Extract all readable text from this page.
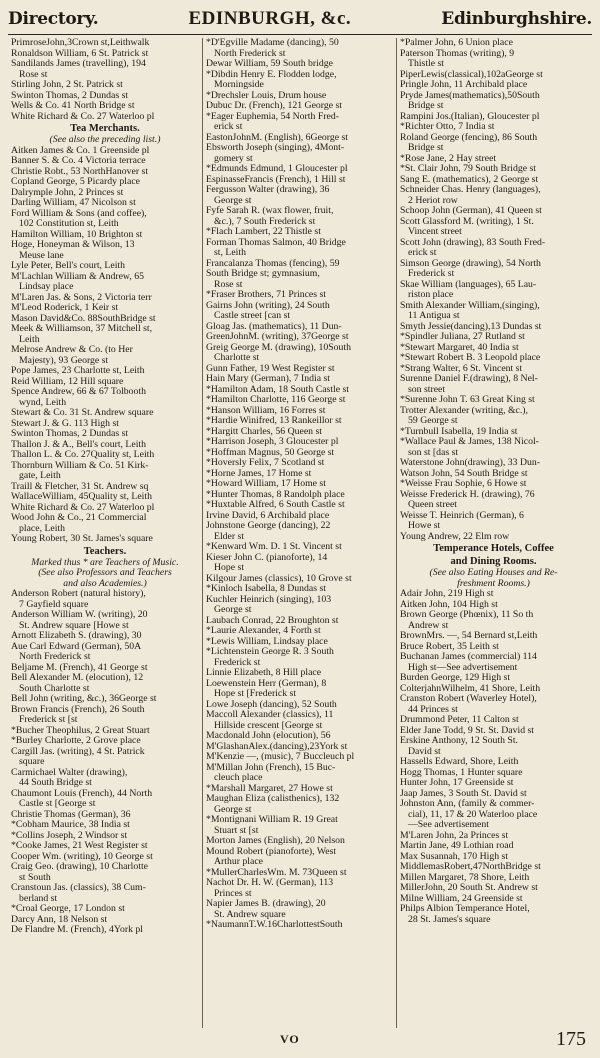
Directory.	EDINBURGH, &c.	Edinburghshire.
PrimroseJohn,3Crown st,Leithwalk
Ronaldson William, 6 St. Patrick st
Sandilands James (travelling), 194
Rose st
Stirling John, 2 St. Patrick st
Swinton Thomas, 2 Dundas st
Wells & Co. 41 North Bridge st
White Richard & Co. 27 Waterloo pl
Tea Merchants.
(See also the preceding list.)
Aitken James & Co. 1 Greenside pl
Banner S. & Co. 4 Victoria terrace
Christie Robt., 53 NorthHanover st
Copland George, 5 Picardy place
Dalrymple John, 2 Princes st
Darling William, 47 Nicolson st
Ford William & Sons (and coffee),
102 Constitution st, Leith
Hamilton William, 10 Brighton st
Hoge, Honeyman & Wilson, 13
Meuse lane
Lyle Peter, Bell's court, Leith
M'Lachlan William & Andrew, 65
Lindsay place
M'Laren Jas. & Sons, 2 Victoria terr
M'Leod Roderick, 1 Keir st
Mason David&Co. 88SouthBridge st
Meek & Williamson, 37 Mitchell st,
Leith
Melrose Andrew & Co. (to Her
Majesty), 93 George st
Pope James, 23 Charlotte st, Leith
Reid William, 12 Hill square
Spence Andrew, 66 & 67 Tolbooth
wynd, Leith
Stewart & Co. 31 St. Andrew square
Stewart J. & G. 113 High st
Swinton Thomas, 2 Dundas st
Thallon J. & A., Bell's court, Leith
Thallon L. & Co. 27Quality st, Leith
Thornburn William & Co. 51 Kirk-
gate, Leith
Traill & Fletcher, 31 St. Andrew sq
WallaceWilliam, 45Quality st, Leith
White Richard & Co. 27 Waterloo pl
Wood John & Co., 21 Commercial
place, Leith
Young Robert, 30 St. James's square
Teachers.
Marked thus * are Teachers of Music.
(See also Professors and Teachers
and also Academies.)
Anderson Robert (natural history),
7 Gayfield square
Anderson William W. (writing), 20
St. Andrew square [Howe st
Arnott Elizabeth S. (drawing), 30
Aue Carl Edward (German), 50A
North Frederick st
Beljame M. (French), 41 George st
Bell Alexander M. (elocution), 12
South Charlotte st
Bell John (writing, &c.), 36George st
Brown Francis (French), 26 South
Frederick st [st
*Bucher Theophilus, 2 Great Stuart
*Burley Charlotte, 2 Grove place
Cargill Jas. (writing), 4 St. Patrick
square
Carmichael Walter (drawing),
44 South Bridge st
Chaumont Louis (French), 44 North
Castle st [George st
Christie Thomas (German), 36
*Cobham Maurice, 38 India st
*Collins Joseph, 2 Windsor st
*Cooke James, 21 West Register st
Cooper Wm. (writing), 10 George st
Craig Geo. (drawing), 10 Charlotte
st South
Cranstoun Jas. (classics), 38 Cum-
berland st
*Croal George, 17 London st
Darcy Ann, 18 Nelson st
De Flandre M. (French), 4York pl
*D'Egville Madame (dancing), 50
North Frederick st
Dewar William, 59 South bridge
*Dibdin Henry E. Flodden lodge,
Morningside
*Drechsler Louis, Drum house
Dubuc Dr. (French), 121 George st
*Eager Euphemia, 54 North Fred-
erick st
EastonJohnM. (English), 6George st
Ebsworth Joseph (singing), 4Mont-
gomery st
*Edmunds Edmund, 1 Gloucester pl
EspinasseFrancis (French), 1 Hill st
Fergusson Walter (drawing), 36
George st
Fyfe Sarah R. (wax flower, fruit,
&c.), 7 South Frederick st
*Flach Lambert, 22 Thistle st
Forman Thomas Salmon, 40 Bridge
st, Leith
Francalanza Thomas (fencing), 59
South Bridge st; gymnasium,
Rose st
*Fraser Brothers, 71 Princes st
Gairns John (writing), 24 South
Castle street [can st
Gloag Jas. (mathematics), 11 Dun-
GreenJohnM. (writing), 37George st
Greig George M. (drawing), 10South
Charlotte st
Gunn Father, 19 West Register st
Hain Mary (German), 7 India st
*Hamilton Adam, 18 South Castle st
*Hamilton Charlotte, 116 George st
*Hanson William, 16 Forres st
*Hardie Winifred, 13 Rankeillor st
*Hargitt Charles, 56 Queen st
*Harrison Joseph, 3 Gloucester pl
*Hoffman Magnus, 50 George st
*Hoversly Felix, 7 Scotland st
*Horne James, 17 Home st
*Howard William, 17 Home st
*Hunter Thomas, 8 Randolph place
*Huxtable Alfred, 6 South Castle st
Irvine David, 6 Archibald place
Johnstone George (dancing), 22
Elder st
*Kenward Wm. D. 1 St. Vincent st
Kieser John C. (pianoforte), 14
Hope st
Kilgour James (classics), 10 Grove st
*Kinloch Isabella, 8 Dundas st
Kuchler Heinrich (singing), 103
George st
Laubach Conrad, 22 Broughton st
*Laurie Alexander, 4 Forth st
*Lewis William, Lindsay place
*Lichtenstein George R. 3 South
Frederick st
Linnie Elizabeth, 8 Hill place
Loewenstein Herr (German), 8
Hope st [Frederick st
Lowe Joseph (dancing), 52 South
Maccoll Alexander (classics), 11
Hillside crescent [George st
Macdonald John (elocution), 56
M'GlashanAlex.(dancing),23York st
M'Kenzie —, (music), 7 Buccleuch pl
M'Millan John (French), 15 Buc-
cleuch place
*Marshall Margaret, 27 Howe st
Maughan Eliza (calisthenics), 132
George st
*Montignani William R. 19 Great
Stuart st [st
Morton James (English), 20 Nelson
Mound Robert (pianoforte), West
Arthur place
*MullerCharlesWm. M. 73Queen st
Nachot Dr. H. W. (German), 113
Princes st
Napier James B. (drawing), 20
St. Andrew square
*NaumannT.W.16CharlottestSouth
*Palmer John, 6 Union place
Paterson Thomas (writing), 9
Thistle st
PiperLewis(classical),102aGeorge st
Pringle John, 11 Archibald place
Pryde James(mathematics),50South
Bridge st
Rampini Jos.(Italian), Gloucester pl
*Richter Otto, 7 India st
Roland George (fencing), 86 South
Bridge st
*Rose Jane, 2 Hay street
*St. Clair John, 79 South Bridge st
Sang E. (mathematics), 2 George st
Schneider Chas. Henry (languages),
2 Heriot row
Schoop John (German), 41 Queen st
Scott Glassford M. (writing), 1 St.
Vincent street
Scott John (drawing), 83 South Fred-
erick st
Simson George (drawing), 54 North
Frederick st
Skae William (languages), 65 Lau-
riston place
Smith Alexander William,(singing),
11 Antigua st
Smyth Jessie(dancing),13 Dundas st
*Spindler Juliana, 27 Rutland st
*Stewart Margaret, 40 India st
*Stewart Robert B. 3 Leopold place
*Strang Walter, 6 St. Vincent st
Surenne Daniel F.(drawing), 8 Nel-
son street
*Surenne John T. 63 Great King st
Trotter Alexander (writing, &c.),
59 George st
*Turnbull Isabella, 19 India st
*Wallace Paul & James, 138 Nicol-
son st [das st
Waterstone John(drawing), 33 Dun-
Watson John, 54 South Bridge st
*Weisse Frau Sophie, 6 Howe st
Weisse Frederick H. (drawing), 76
Queen street
Weisse T. Heinrich (German), 6
Howe st
Young Andrew, 22 Elm row
Temperance Hotels, Coffee
and Dining Rooms.
(See also Eating Houses and Re-
freshment Rooms.)
Adair John, 219 High st
Aitken John, 104 High st
Brown George (Phœnix), 11 So th
Andrew st
BrownMrs. —, 54 Bernard st,Leith
Bruce Robert, 35 Leith st
Buchanan James (commercial) 114
High st—See advertisement
Burden George, 129 High st
ColterjahnWilhelm, 41 Shore, Leith
Cranston Robert (Waverley Hotel),
44 Princes st
Drummond Peter, 11 Calton st
Elder Jane Todd, 9 St. St. David st
Erskine Anthony, 12 South St.
David st
Hassells Edward, Shore, Leith
Hogg Thomas, 1 Hunter square
Hunter John, 17 Greenside st
Jaap James, 3 South St. David st
Johnston Ann, (family & commer-
cial), 11, 17 & 20 Waterloo place
—See advertisement
M'Laren John, 2a Princes st
Martin Jane, 49 Lothian road
Max Susannah, 170 High st
MiddlemasRobert,47NorthBridge st
Millen Margaret, 78 Shore, Leith
MillerJohn, 20 South St. Andrew st
Milne William, 24 Greenside st
Philps Albion Temperance Hotel,
28 St. James's square
VO	175
